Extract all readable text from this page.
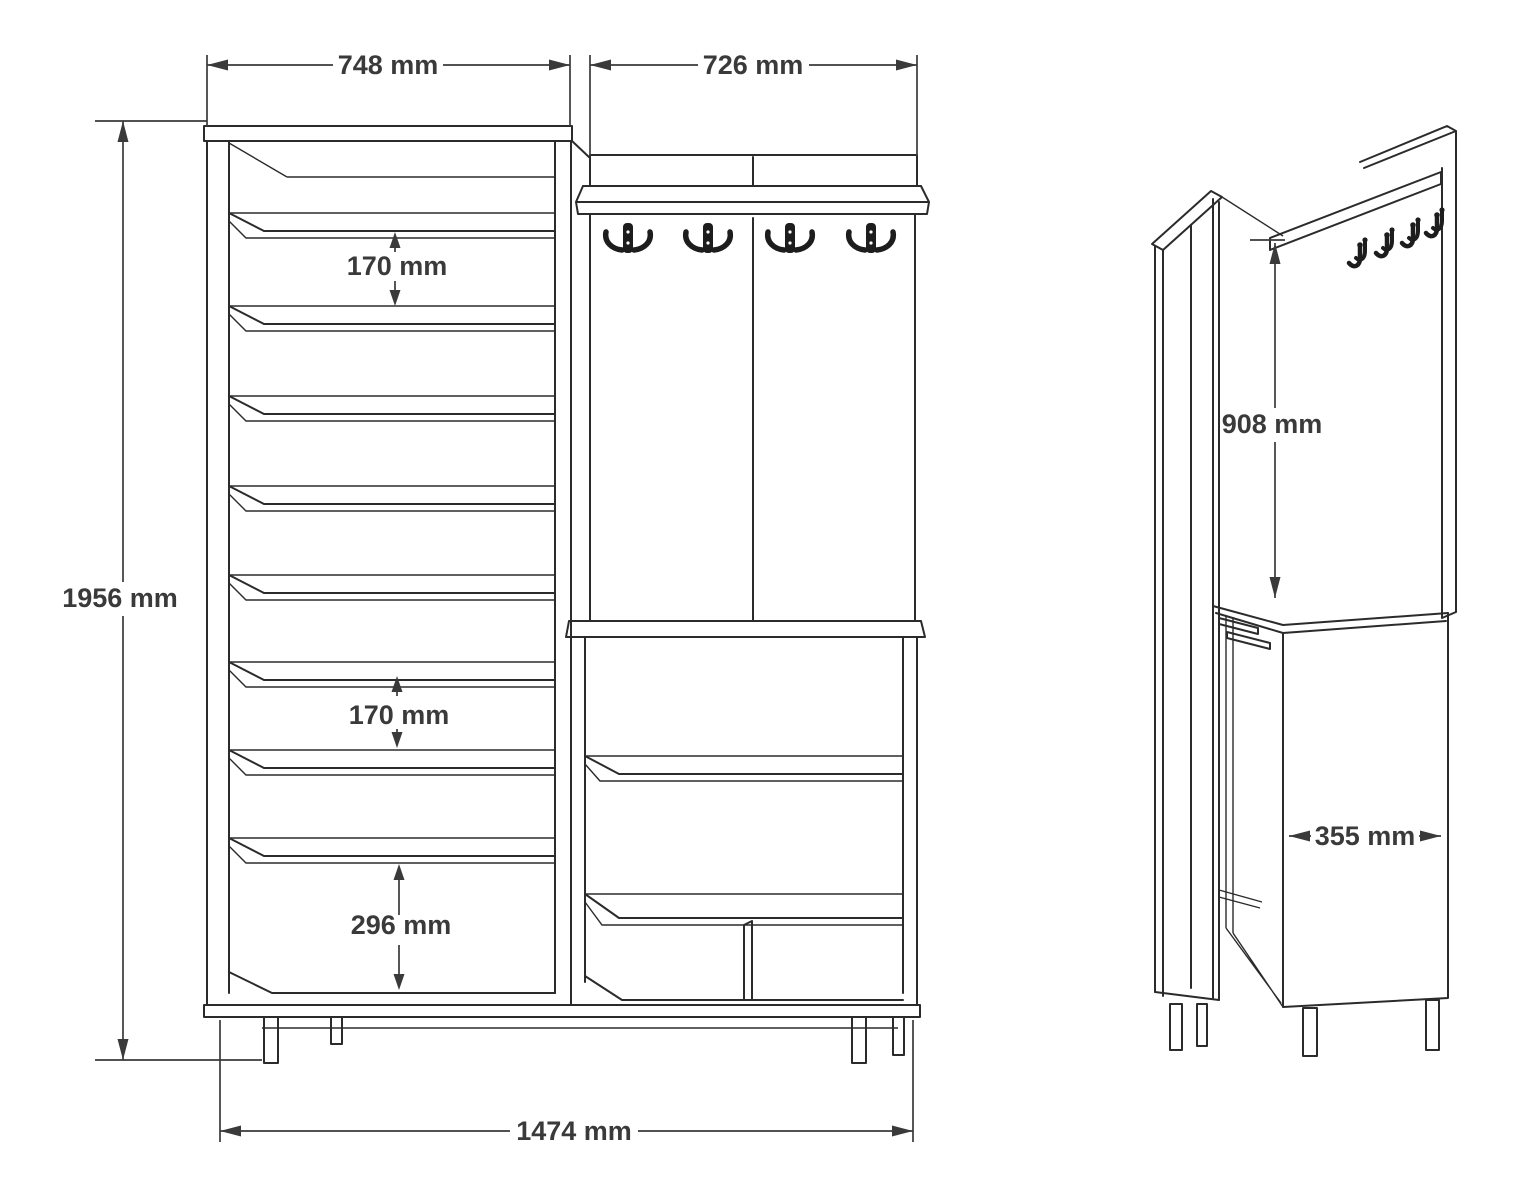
748 mm	726 mm
1956 mm
170 mm
170 mm
296 mm
1474 mm
908 mm
355 mm
